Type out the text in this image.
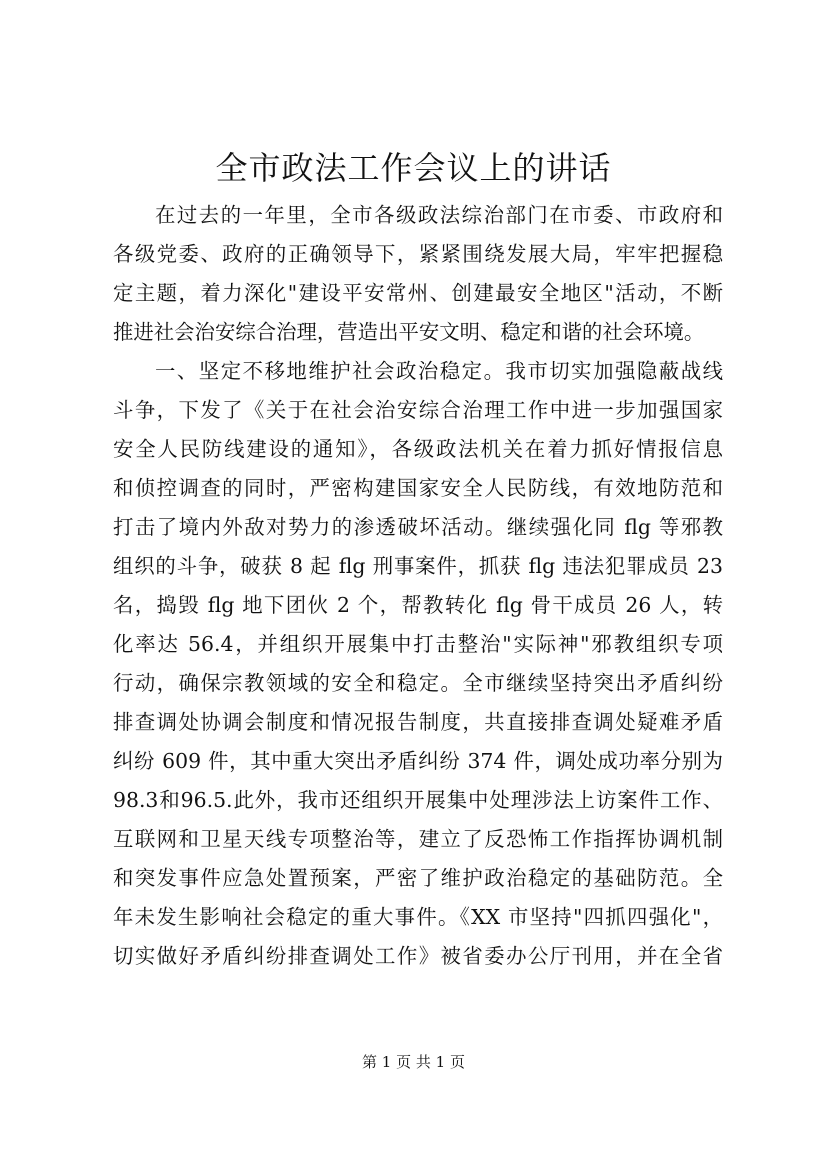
全市政法工作会议上的讲话
在过去的一年里，全市各级政法综治部门在市委、市政府和
各级党委、政府的正确领导下，紧紧围绕发展大局，牢牢把握稳
定主题，着力深化"建设平安常州、创建最安全地区"活动，不断
推进社会治安综合治理，营造出平安文明、稳定和谐的社会环境。
一、坚定不移地维护社会政治稳定。我市切实加强隐蔽战线
斗争，下发了《关于在社会治安综合治理工作中进一步加强国家
安全人民防线建设的通知》，各级政法机关在着力抓好情报信息
和侦控调查的同时，严密构建国家安全人民防线，有效地防范和
打击了境内外敌对势力的渗透破坏活动。继续强化同 flg 等邪教
组织的斗争，破获 8 起 flg 刑事案件，抓获 flg 违法犯罪成员 23
名，捣毁 flg 地下团伙 2 个，帮教转化 flg 骨干成员 26 人，转
化率达 56.4，并组织开展集中打击整治"实际神"邪教组织专项
行动，确保宗教领域的安全和稳定。全市继续坚持突出矛盾纠纷
排查调处协调会制度和情况报告制度，共直接排查调处疑难矛盾
纠纷 609 件，其中重大突出矛盾纠纷 374 件，调处成功率分别为
98.3和96.5.此外，我市还组织开展集中处理涉法上访案件工作、
互联网和卫星天线专项整治等，建立了反恐怖工作指挥协调机制
和突发事件应急处置预案，严密了维护政治稳定的基础防范。全
年未发生影响社会稳定的重大事件。《XX 市坚持"四抓四强化"，
切实做好矛盾纠纷排查调处工作》被省委办公厅刊用，并在全省
第 1 页 共 1 页
